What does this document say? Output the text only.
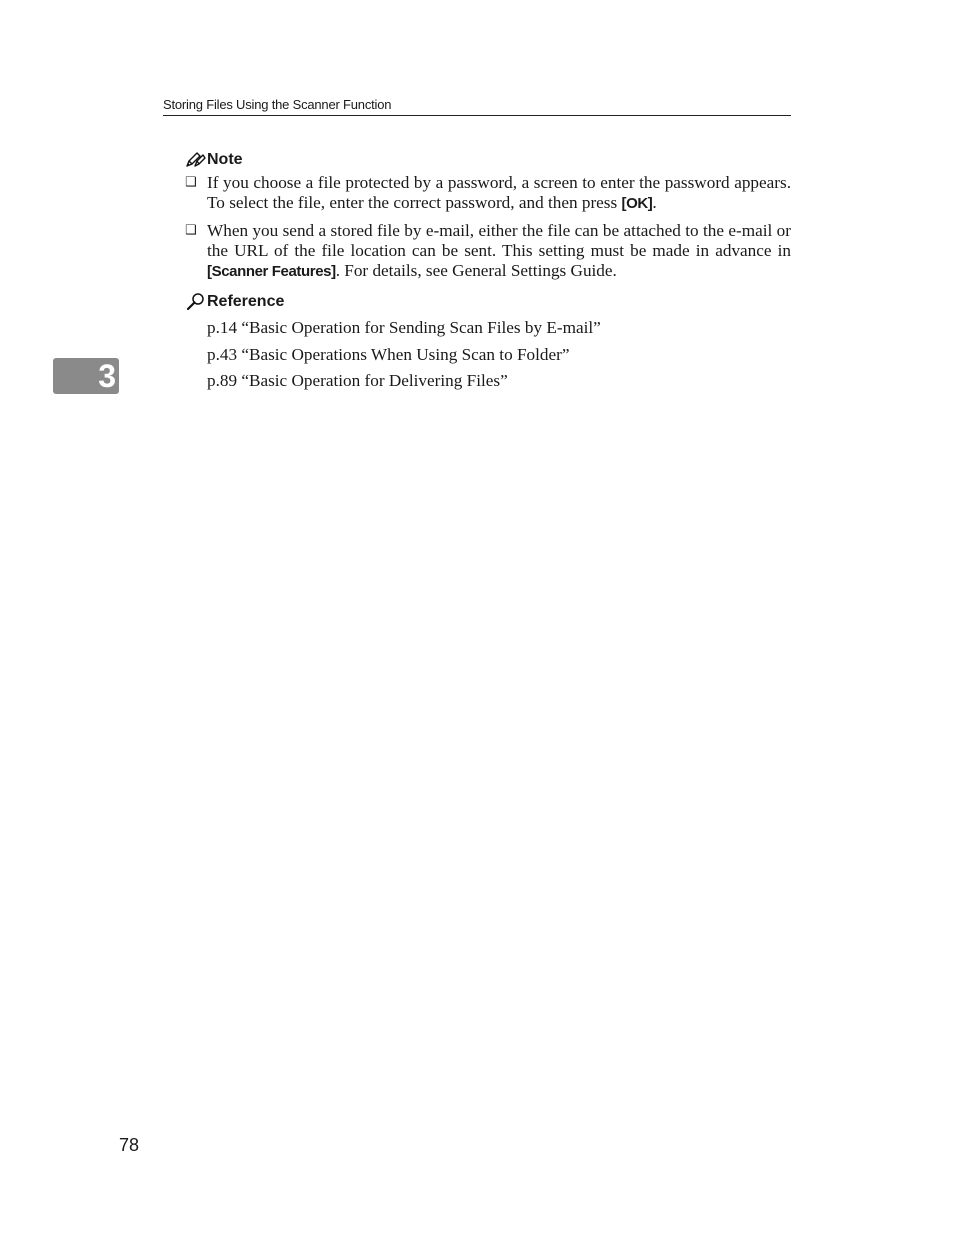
Storing Files Using the Scanner Function
3
Note
❑ If you choose a file protected by a password, a screen to enter the password appears. To select the file, enter the correct password, and then press [OK].
❑ When you send a stored file by e-mail, either the file can be attached to the e-mail or the URL of the file location can be sent. This setting must be made in advance in [Scanner Features]. For details, see General Settings Guide.
Reference
p.14 “Basic Operation for Sending Scan Files by E-mail”
p.43 “Basic Operations When Using Scan to Folder”
p.89 “Basic Operation for Delivering Files”
78
